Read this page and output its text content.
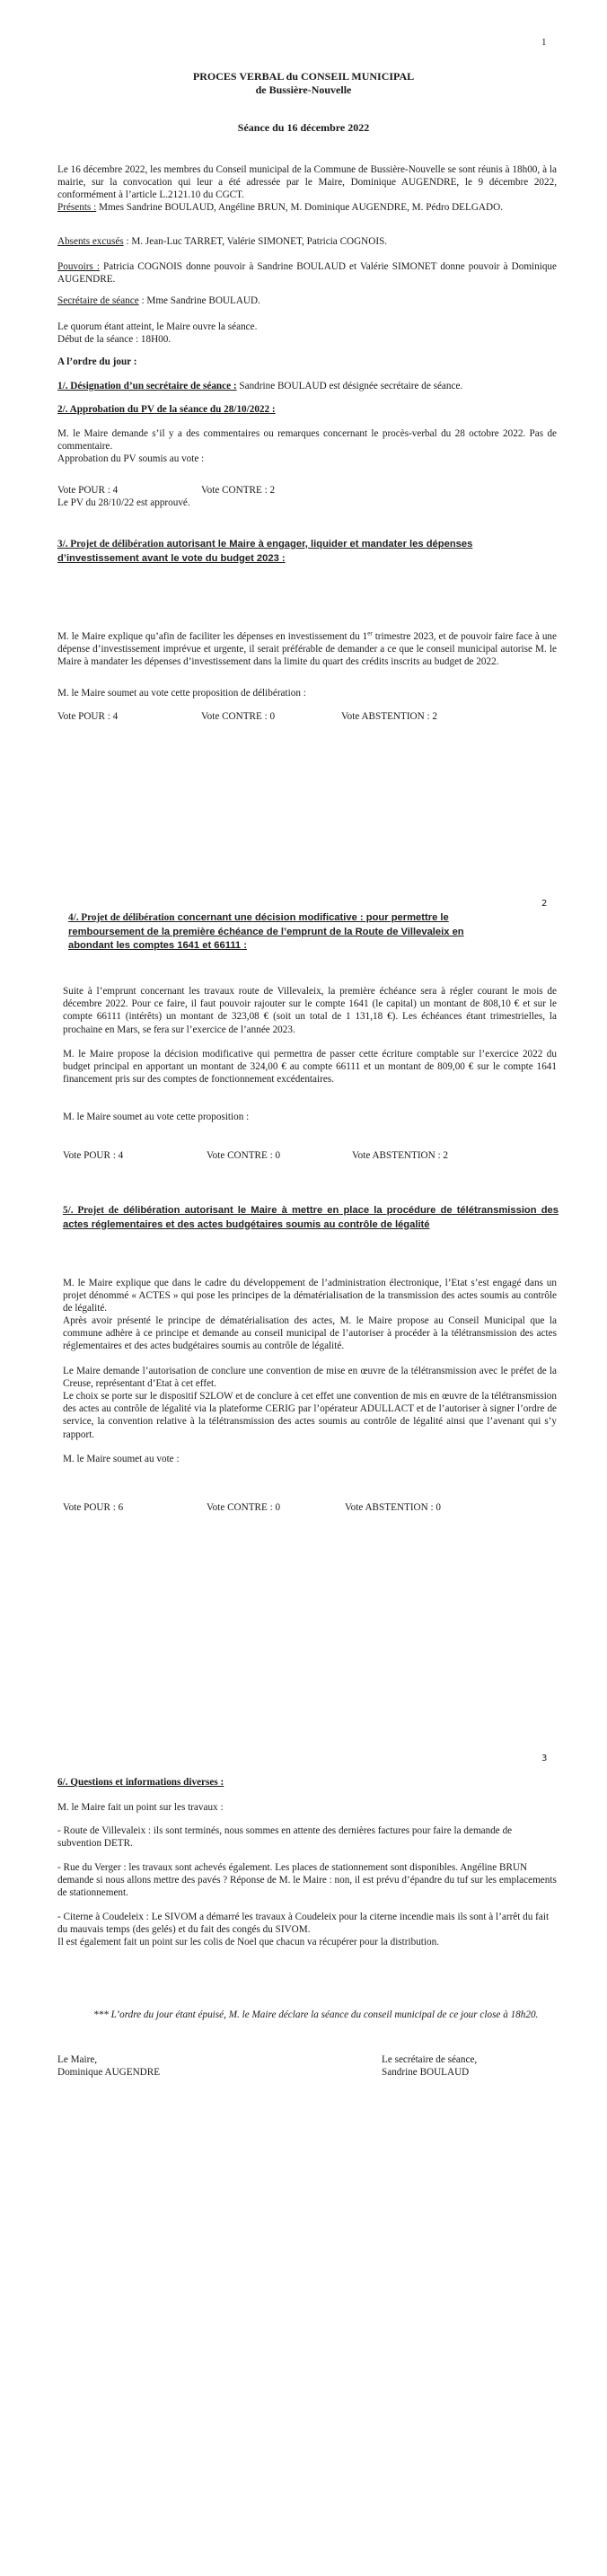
1
PROCES VERBAL du CONSEIL MUNICIPAL
de Bussière-Nouvelle
Séance du 16 décembre 2022
Le 16 décembre 2022, les membres du Conseil municipal de la Commune de Bussière-Nouvelle se sont réunis à 18h00, à la mairie, sur la convocation qui leur a été adressée par le Maire, Dominique AUGENDRE, le 9 décembre 2022, conformément à l’article L.2121.10 du CGCT.
Présents : Mmes Sandrine BOULAUD, Angéline BRUN, M. Dominique AUGENDRE, M. Pédro DELGADO.
Absents excusés : M. Jean-Luc TARRET, Valérie SIMONET, Patricia COGNOIS.
Pouvoirs : Patricia COGNOIS donne pouvoir à Sandrine BOULAUD et Valérie SIMONET donne pouvoir à Dominique AUGENDRE.
Secrétaire de séance : Mme Sandrine BOULAUD.
Le quorum étant atteint, le Maire ouvre la séance.
Début de la séance : 18H00.
A l’ordre du jour :
1/. Désignation d’un secrétaire de séance : Sandrine BOULAUD est désignée secrétaire de séance.
2/. Approbation du PV de la séance du 28/10/2022 :
M. le Maire demande s’il y a des commentaires ou remarques concernant le procès-verbal du 28 octobre 2022. Pas de commentaire.
Approbation du PV soumis au vote :
Vote POUR : 4	Vote CONTRE : 2
Le PV du 28/10/22 est approuvé.
3/. Projet de délibération autorisant le Maire à engager, liquider et mandater les dépenses d’investissement avant le vote du budget 2023 :
M. le Maire explique qu’afin de faciliter les dépenses en investissement du 1er trimestre 2023, et de pouvoir faire face à une dépense d’investissement imprévue et urgente, il serait préférable de demander a ce que le conseil municipal autorise M. le Maire à mandater les dépenses d’investissement dans la limite du quart des crédits inscrits au budget de 2022.
M. le Maire soumet au vote cette proposition de délibération :
Vote POUR : 4	Vote CONTRE : 0	Vote ABSTENTION : 2
2
4/. Projet de délibération concernant une décision modificative : pour permettre le remboursement de la première échéance de l’emprunt de la Route de Villevaleix en abondant les comptes 1641 et 66111 :
Suite à l’emprunt concernant les travaux route de Villevaleix, la première échéance sera à régler courant le mois de décembre 2022. Pour ce faire, il faut pouvoir rajouter sur le compte 1641 (le capital) un montant de 808,10 € et sur le compte 66111 (intérêts) un montant de 323,08 € (soit un total de 1 131,18 €). Les échéances étant trimestrielles, la prochaine en Mars, se fera sur l’exercice de l’année 2023.
M. le Maire propose la décision modificative qui permettra de passer cette écriture comptable sur l’exercice 2022 du budget principal en apportant un montant de 324,00 € au compte 66111 et un montant de 809,00 € sur le compte 1641 financement pris sur des comptes de fonctionnement excédentaires.
M. le Maire soumet au vote cette proposition :
Vote POUR : 4	Vote CONTRE : 0	Vote ABSTENTION : 2
5/. Projet de délibération autorisant le Maire à mettre en place la procédure de télétransmission des actes réglementaires et des actes budgétaires soumis au contrôle de légalité
M. le Maire explique que dans le cadre du développement de l’administration électronique, l’Etat s’est engagé dans un projet dénommé « ACTES » qui pose les principes de la dématérialisation de la transmission des actes soumis au contrôle de légalité.
Après avoir présenté le principe de dématérialisation des actes, M. le Maire propose au Conseil Municipal que la commune adhère à ce principe et demande au conseil municipal de l’autoriser à procéder à la télétransmission des actes réglementaires et des actes budgétaires soumis au contrôle de légalité.
Le Maire demande l’autorisation de conclure une convention de mise en œuvre de la télétransmission avec le préfet de la Creuse, représentant d’Etat à cet effet.
Le choix se porte sur le dispositif S2LOW et de conclure à cet effet une convention de mis en œuvre de la télétransmission des actes au contrôle de légalité via la plateforme CERIG par l’opérateur ADULLACT et de l’autoriser à signer l’ordre de service, la convention relative à la télétransmission des actes soumis au contrôle de légalité ainsi que l’avenant qui s’y rapport.
M. le Maire soumet au vote :
Vote POUR : 6	Vote CONTRE : 0	Vote ABSTENTION : 0
3
6/. Questions et informations diverses :
M. le Maire fait un point sur les travaux :
- Route de Villevaleix : ils sont terminés, nous sommes en attente des dernières factures pour faire la demande de subvention DETR.
- Rue du Verger : les travaux sont achevés également. Les places de stationnement sont disponibles. Angéline BRUN demande si nous allons mettre des pavés ? Réponse de M. le Maire : non, il est prévu d’épandre du tuf sur les emplacements de stationnement.
- Citerne à Coudeleix : Le SIVOM a démarré les travaux à Coudeleix pour la citerne incendie mais ils sont à l’arrêt du fait du mauvais temps (des gelés) et du fait des congés du SIVOM.
Il est également fait un point sur les colis de Noel que chacun va récupérer pour la distribution.
*** L’ordre du jour étant épuisé, M. le Maire déclare la séance du conseil municipal de ce jour close à 18h20.
Le Maire,
Dominique AUGENDRE
Le secrétaire de séance,
Sandrine BOULAUD
